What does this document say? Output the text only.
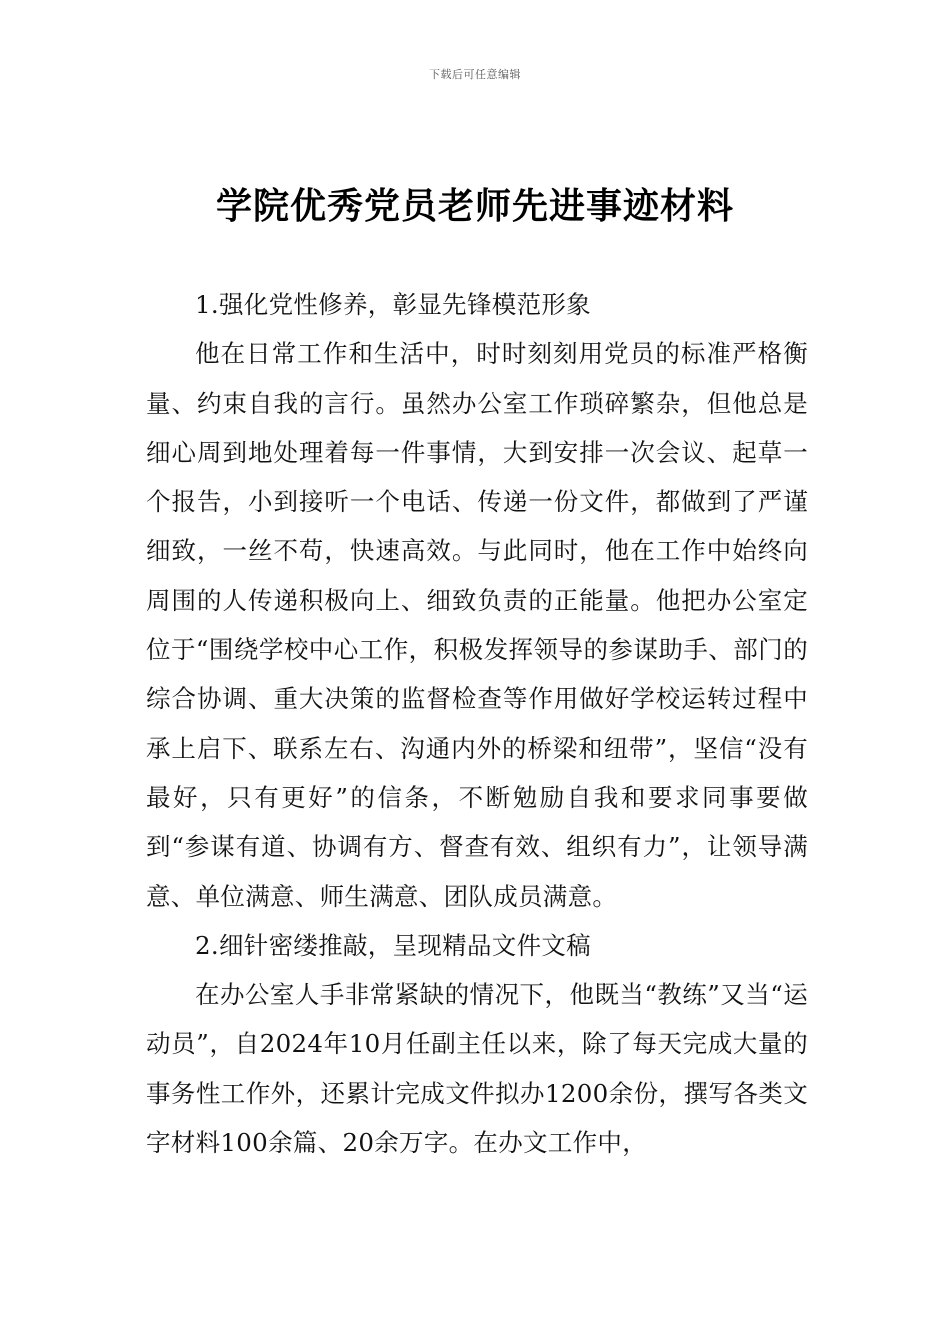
下载后可任意编辑
学院优秀党员老师先进事迹材料

1.强化党性修养，彰显先锋模范形象

他在日常工作和生活中，时时刻刻用党员的标准严格衡量、约束自我的言行。虽然办公室工作琐碎繁杂，但他总是细心周到地处理着每一件事情，大到安排一次会议、起草一个报告，小到接听一个电话、传递一份文件，都做到了严谨细致，一丝不苟，快速高效。与此同时，他在工作中始终向周围的人传递积极向上、细致负责的正能量。他把办公室定位于“围绕学校中心工作，积极发挥领导的参谋助手、部门的综合协调、重大决策的监督检查等作用做好学校运转过程中承上启下、联系左右、沟通内外的桥梁和纽带”，坚信“没有最好，只有更好”的信条，不断勉励自我和要求同事要做到“参谋有道、协调有方、督查有效、组织有力”，让领导满意、单位满意、师生满意、团队成员满意。

2.细针密缕推敲，呈现精品文件文稿

在办公室人手非常紧缺的情况下，他既当“教练”又当“运动员”，自2024年10月任副主任以来，除了每天完成大量的事务性工作外，还累计完成文件拟办1200余份，撰写各类文字材料100余篇、20余万字。在办文工作中，
